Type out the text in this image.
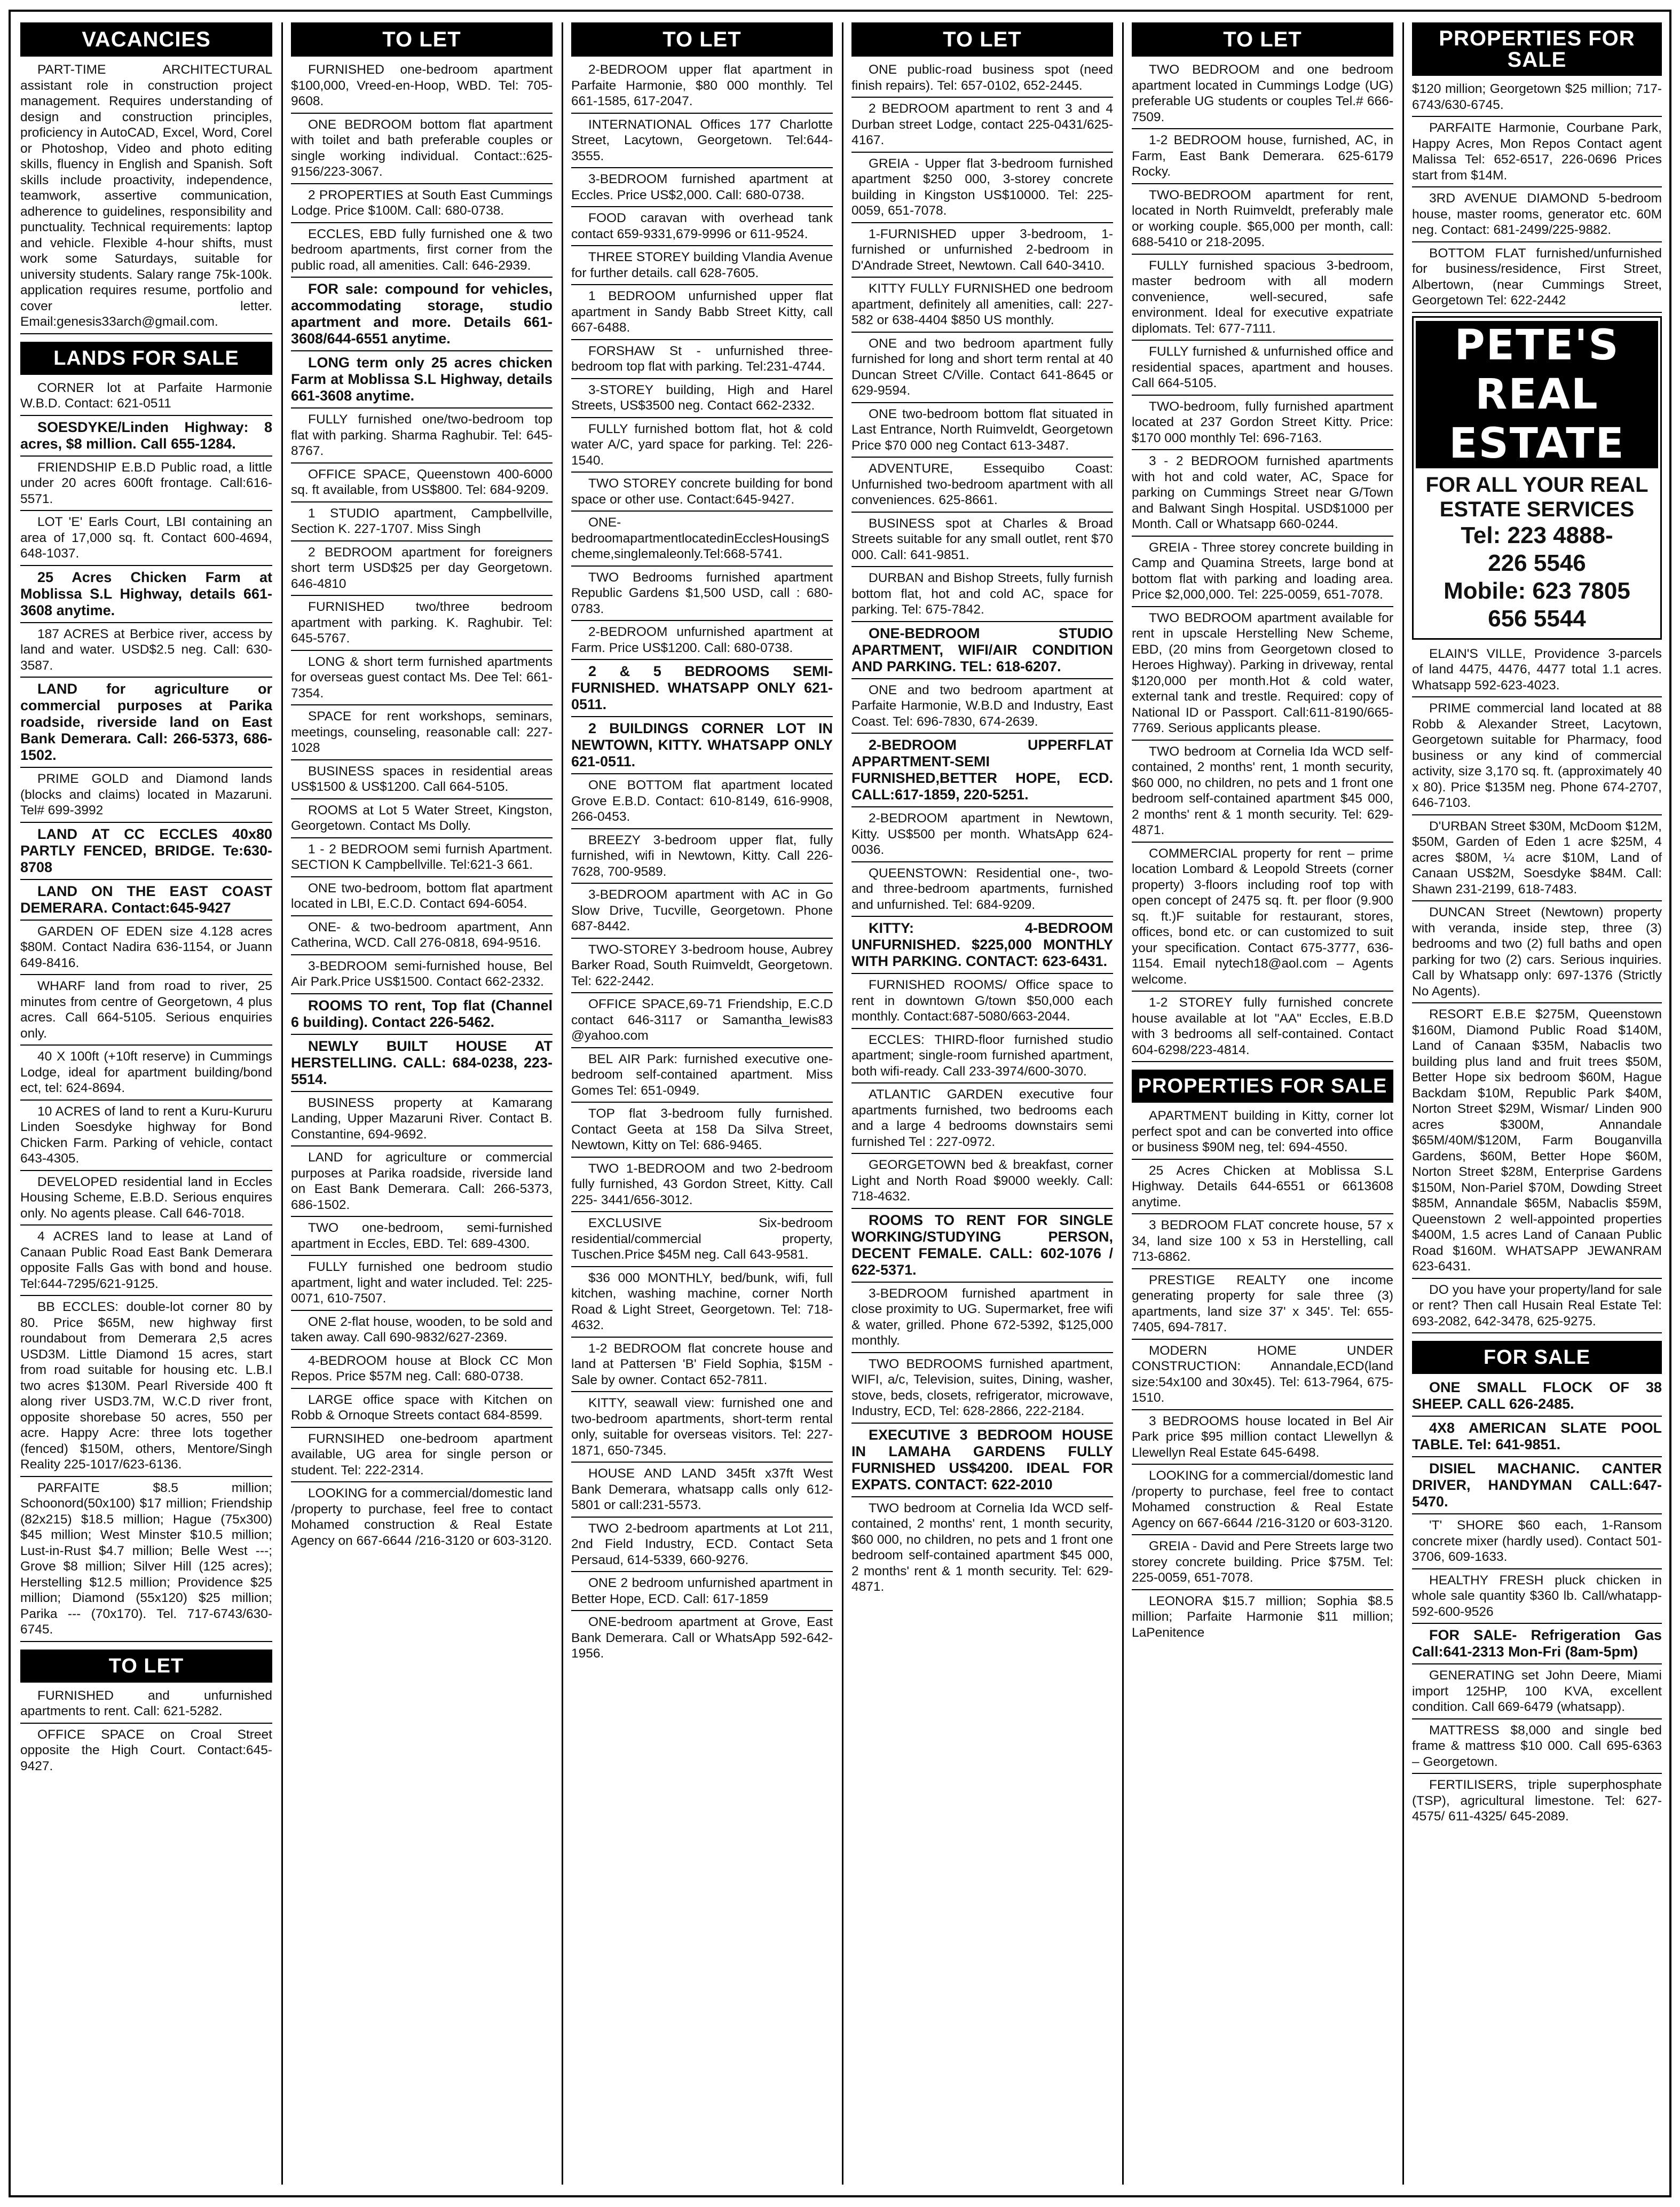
VACANCIES
PART-TIME ARCHITECTURAL assistant role in construction project management. Requires understanding of design and construction principles, proficiency in AutoCAD, Excel, Word, Corel or Photoshop, Video and photo editing skills, fluency in English and Spanish. Soft skills include proactivity, independence, teamwork, assertive communication, adherence to guidelines, responsibility and punctuality. Technical requirements: laptop and vehicle. Flexible 4-hour shifts, must work some Saturdays, suitable for university students. Salary range 75k-100k. application requires resume, portfolio and cover letter. Email:genesis33arch@gmail.com.
LANDS FOR SALE
CORNER lot at Parfaite Harmonie W.B.D. Contact: 621-0511
SOESDYKE/Linden Highway: 8 acres, $8 million. Call 655-1284.
FRIENDSHIP E.B.D Public road, a little under 20 acres 600ft frontage. Call:616-5571.
LOT 'E' Earls Court, LBI containing an area of 17,000 sq. ft. Contact 600-4694, 648-1037.
25 Acres Chicken Farm at Moblissa S.L Highway, details 661-3608 anytime.
187 ACRES at Berbice river, access by land and water. USD$2.5 neg. Call: 630-3587.
LAND for agriculture or commercial purposes at Parika roadside, riverside land on East Bank Demerara. Call: 266-5373, 686-1502.
PRIME GOLD and Diamond lands (blocks and claims) located in Mazaruni. Tel# 699-3992
LAND AT CC ECCLES 40x80 PARTLY FENCED, BRIDGE. Te:630-8708
LAND ON THE EAST COAST DEMERARA. Contact:645-9427
GARDEN OF EDEN size 4.128 acres $80M. Contact Nadira 636-1154, or Juann 649-8416.
WHARF land from road to river, 25 minutes from centre of Georgetown, 4 plus acres. Call 664-5105. Serious enquiries only.
40 X 100ft (+10ft reserve) in Cummings Lodge, ideal for apartment building/bond ect, tel: 624-8694.
10 ACRES of land to rent a Kuru-Kururu Linden Soesdyke highway for Bond Chicken Farm. Parking of vehicle, contact 643-4305.
DEVELOPED residential land in Eccles Housing Scheme, E.B.D. Serious enquires only. No agents please. Call 646-7018.
4 ACRES land to lease at Land of Canaan Public Road East Bank Demerara opposite Falls Gas with bond and house. Tel:644-7295/621-9125.
BB ECCLES: double-lot corner 80 by 80. Price $65M, new highway first roundabout from Demerara 2,5 acres USD3M. Little Diamond 15 acres, start from road suitable for housing etc. L.B.I two acres $130M. Pearl Riverside 400 ft along river USD3.7M, W.C.D river front, opposite shorebase 50 acres, 550 per acre. Happy Acre: three lots together (fenced) $150M, others, Mentore/Singh Reality 225-1017/623-6136.
PARFAITE $8.5 million; Schoonord(50x100) $17 million; Friendship (82x215) $18.5 million; Hague (75x300) $45 million; West Minster $10.5 million; Lust-in-Rust $4.7 million; Belle West ---; Grove $8 million; Silver Hill (125 acres); Herstelling $12.5 million; Providence $25 million; Diamond (55x120) $25 million; Parika --- (70x170). Tel. 717-6743/630-6745.
TO LET
FURNISHED and unfurnished apartments to rent. Call: 621-5282.
OFFICE SPACE on Croal Street opposite the High Court. Contact:645-9427.
TO LET
FURNISHED one-bedroom apartment $100,000, Vreed-en-Hoop, WBD. Tel: 705-9608.
ONE BEDROOM bottom flat apartment with toilet and bath preferable couples or single working individual. Contact::625-9156/223-3067.
2 PROPERTIES at South East Cummings Lodge. Price $100M. Call: 680-0738.
ECCLES, EBD fully furnished one & two bedroom apartments, first corner from the public road, all amenities. Call: 646-2939.
FOR sale: compound for vehicles, accommodating storage, studio apartment and more. Details 661-3608/644-6551 anytime.
LONG term only 25 acres chicken Farm at Moblissa S.L Highway, details 661-3608 anytime.
FULLY furnished one/two-bedroom top flat with parking. Sharma Raghubir. Tel: 645-8767.
OFFICE SPACE, Queenstown 400-6000 sq. ft available, from US$800. Tel: 684-9209.
1 STUDIO apartment, Campbellville, Section K. 227-1707. Miss Singh
2 BEDROOM apartment for foreigners short term USD$25 per day Georgetown. 646-4810
FURNISHED two/three bedroom apartment with parking. K. Raghubir. Tel: 645-5767.
LONG & short term furnished apartments for overseas guest contact Ms. Dee Tel: 661-7354.
SPACE for rent workshops, seminars, meetings, counseling, reasonable call: 227-1028
BUSINESS spaces in residential areas US$1500 & US$1200. Call 664-5105.
ROOMS at Lot 5 Water Street, Kingston, Georgetown. Contact Ms Dolly.
1 - 2 BEDROOM semi furnish Apartment. SECTION K Campbellville. Tel:621-3 661.
ONE two-bedroom, bottom flat apartment located in LBI, E.C.D. Contact 694-6054.
ONE- & two-bedroom apartment, Ann Catherina, WCD. Call 276-0818, 694-9516.
3-BEDROOM semi-furnished house, Bel Air Park.Price US$1500. Contact 662-2332.
ROOMS TO rent, Top flat (Channel 6 building). Contact 226-5462.
NEWLY BUILT HOUSE AT HERSTELLING. CALL: 684-0238, 223-5514.
BUSINESS property at Kamarang Landing, Upper Mazaruni River. Contact B. Constantine, 694-9692.
LAND for agriculture or commercial purposes at Parika roadside, riverside land on East Bank Demerara. Call: 266-5373, 686-1502.
TWO one-bedroom, semi-furnished apartment in Eccles, EBD. Tel: 689-4300.
FULLY furnished one bedroom studio apartment, light and water included. Tel: 225-0071, 610-7507.
ONE 2-flat house, wooden, to be sold and taken away. Call 690-9832/627-2369.
4-BEDROOM house at Block CC Mon Repos. Price $57M neg. Call: 680-0738.
LARGE office space with Kitchen on Robb & Ornoque Streets contact 684-8599.
FURNSIHED one-bedroom apartment available, UG area for single person or student. Tel: 222-2314.
LOOKING for a commercial/domestic land /property to purchase, feel free to contact Mohamed construction & Real Estate Agency on 667-6644 /216-3120 or 603-3120.
TO LET
2-BEDROOM upper flat apartment in Parfaite Harmonie, $80 000 monthly. Tel 661-1585, 617-2047.
INTERNATIONAL Offices 177 Charlotte Street, Lacytown, Georgetown. Tel:644-3555.
3-BEDROOM furnished apartment at Eccles. Price US$2,000. Call: 680-0738.
FOOD caravan with overhead tank contact 659-9331,679-9996 or 611-9524.
THREE STOREY building Vlandia Avenue for further details. call 628-7605.
1 BEDROOM unfurnished upper flat apartment in Sandy Babb Street Kitty, call 667-6488.
FORSHAW St - unfurnished three-bedroom top flat with parking. Tel:231-4744.
3-STOREY building, High and Harel Streets, US$3500 neg. Contact 662-2332.
FULLY furnished bottom flat, hot & cold water A/C, yard space for parking. Tel: 226-1540.
TWO STOREY concrete building for bond space or other use. Contact:645-9427.
ONE-bedroomapartmentlocatedinEcclesHousingScheme,singlemaleonly.Tel:668-5741.
TWO Bedrooms furnished apartment Republic Gardens $1,500 USD, call : 680-0783.
2-BEDROOM unfurnished apartment at Farm. Price US$1200. Call: 680-0738.
2 & 5 BEDROOMS SEMI-FURNISHED. WHATSAPP ONLY 621-0511.
2 BUILDINGS CORNER LOT IN NEWTOWN, KITTY. WHATSAPP ONLY 621-0511.
ONE BOTTOM flat apartment located Grove E.B.D. Contact: 610-8149, 616-9908, 266-0453.
BREEZY 3-bedroom upper flat, fully furnished, wifi in Newtown, Kitty. Call 226-7628, 700-9589.
3-BEDROOM apartment with AC in Go Slow Drive, Tucville, Georgetown. Phone 687-8442.
TWO-STOREY 3-bedroom house, Aubrey Barker Road, South Ruimveldt, Georgetown. Tel: 622-2442.
OFFICE SPACE,69-71 Friendship, E.C.D contact 646-3117 or Samantha_lewis83 @yahoo.com
BEL AIR Park: furnished executive one-bedroom self-contained apartment. Miss Gomes Tel: 651-0949.
TOP flat 3-bedroom fully furnished. Contact Geeta at 158 Da Silva Street, Newtown, Kitty on Tel: 686-9465.
TWO 1-BEDROOM and two 2-bedroom fully furnished, 43 Gordon Street, Kitty. Call 225- 3441/656-3012.
EXCLUSIVE Six-bedroom residential/commercial property, Tuschen.Price $45M neg. Call 643-9581.
$36 000 MONTHLY, bed/bunk, wifi, full kitchen, washing machine, corner North Road & Light Street, Georgetown. Tel: 718-4632.
1-2 BEDROOM flat concrete house and land at Pattersen 'B' Field Sophia, $15M - Sale by owner. Contact 652-7811.
KITTY, seawall view: furnished one and two-bedroom apartments, short-term rental only, suitable for overseas visitors. Tel: 227-1871, 650-7345.
HOUSE AND LAND 345ft x37ft West Bank Demerara, whatsapp calls only 612-5801 or call:231-5573.
TWO 2-bedroom apartments at Lot 211, 2nd Field Industry, ECD. Contact Seta Persaud, 614-5339, 660-9276.
ONE 2 bedroom unfurnished apartment in Better Hope, ECD. Call: 617-1859
ONE-bedroom apartment at Grove, East Bank Demerara. Call or WhatsApp 592-642-1956.
TO LET
ONE public-road business spot (need finish repairs). Tel: 657-0102, 652-2445.
2 BEDROOM apartment to rent 3 and 4 Durban street Lodge, contact 225-0431/625-4167.
GREIA - Upper flat 3-bedroom furnished apartment $250 000, 3-storey concrete building in Kingston US$10000. Tel: 225-0059, 651-7078.
1-FURNISHED upper 3-bedroom, 1-furnished or unfurnished 2-bedroom in D'Andrade Street, Newtown. Call 640-3410.
KITTY FULLY FURNISHED one bedroom apartment, definitely all amenities, call: 227-582 or 638-4404 $850 US monthly.
ONE and two bedroom apartment fully furnished for long and short term rental at 40 Duncan Street C/Ville. Contact 641-8645 or 629-9594.
ONE two-bedroom bottom flat situated in Last Entrance, North Ruimveldt, Georgetown Price $70 000 neg Contact 613-3487.
ADVENTURE, Essequibo Coast: Unfurnished two-bedroom apartment with all conveniences. 625-8661.
BUSINESS spot at Charles & Broad Streets suitable for any small outlet, rent $70 000. Call: 641-9851.
DURBAN and Bishop Streets, fully furnish bottom flat, hot and cold AC, space for parking. Tel: 675-7842.
ONE-BEDROOM STUDIO APARTMENT, WIFI/AIR CONDITION AND PARKING. TEL: 618-6207.
ONE and two bedroom apartment at Parfaite Harmonie, W.B.D and Industry, East Coast. Tel: 696-7830, 674-2639.
2-BEDROOM UPPERFLAT APPARTMENT-SEMI FURNISHED,BETTER HOPE, ECD. CALL:617-1859, 220-5251.
2-BEDROOM apartment in Newtown, Kitty. US$500 per month. WhatsApp 624-0036.
QUEENSTOWN: Residential one-, two- and three-bedroom apartments, furnished and unfurnished. Tel: 684-9209.
KITTY: 4-BEDROOM UNFURNISHED. $225,000 MONTHLY WITH PARKING. CONTACT: 623-6431.
FURNISHED ROOMS/ Office space to rent in downtown G/town $50,000 each monthly. Contact:687-5080/663-2044.
ECCLES: THIRD-floor furnished studio apartment; single-room furnished apartment, both wifi-ready. Call 233-3974/600-3070.
ATLANTIC GARDEN executive four apartments furnished, two bedrooms each and a large 4 bedrooms downstairs semi furnished Tel : 227-0972.
GEORGETOWN bed & breakfast, corner Light and North Road $9000 weekly. Call: 718-4632.
ROOMS TO RENT FOR SINGLE WORKING/STUDYING PERSON, DECENT FEMALE. CALL: 602-1076 / 622-5371.
3-BEDROOM furnished apartment in close proximity to UG. Supermarket, free wifi & water, grilled. Phone 672-5392, $125,000 monthly.
TWO BEDROOMS furnished apartment, WIFI, a/c, Television, suites, Dining, washer, stove, beds, closets, refrigerator, microwave, Industry, ECD, Tel: 628-2866, 222-2184.
EXECUTIVE 3 BEDROOM HOUSE IN LAMAHA GARDENS FULLY FURNISHED US$4200. IDEAL FOR EXPATS. CONTACT: 622-2010
TWO bedroom at Cornelia Ida WCD self-contained, 2 months' rent, 1 month security, $60 000, no children, no pets and 1 front one bedroom self-contained apartment $45 000, 2 months' rent & 1 month security. Tel: 629-4871.
TO LET
TWO BEDROOM and one bedroom apartment located in Cummings Lodge (UG) preferable UG students or couples Tel.# 666-7509.
1-2 BEDROOM house, furnished, AC, in Farm, East Bank Demerara. 625-6179 Rocky.
TWO-BEDROOM apartment for rent, located in North Ruimveldt, preferably male or working couple. $65,000 per month, call: 688-5410 or 218-2095.
FULLY furnished spacious 3-bedroom, master bedroom with all modern convenience, well-secured, safe environment. Ideal for executive expatriate diplomats. Tel: 677-7111.
FULLY furnished & unfurnished office and residential spaces, apartment and houses. Call 664-5105.
TWO-bedroom, fully furnished apartment located at 237 Gordon Street Kitty. Price: $170 000 monthly Tel: 696-7163.
3 - 2 BEDROOM furnished apartments with hot and cold water, AC, Space for parking on Cummings Street near G/Town and Balwant Singh Hospital. USD$1000 per Month. Call or Whatsapp 660-0244.
GREIA - Three storey concrete building in Camp and Quamina Streets, large bond at bottom flat with parking and loading area. Price $2,000,000. Tel: 225-0059, 651-7078.
TWO BEDROOM apartment available for rent in upscale Herstelling New Scheme, EBD, (20 mins from Georgetown closed to Heroes Highway). Parking in driveway, rental $120,000 per month.Hot & cold water, external tank and trestle. Required: copy of National ID or Passport. Call:611-8190/665-7769. Serious applicants please.
TWO bedroom at Cornelia Ida WCD self-contained, 2 months' rent, 1 month security, $60 000, no children, no pets and 1 front one bedroom self-contained apartment $45 000, 2 months' rent & 1 month security. Tel: 629-4871.
COMMERCIAL property for rent – prime location Lombard & Leopold Streets (corner property) 3-floors including roof top with open concept of 2475 sq. ft. per floor (9.900 sq. ft.)F suitable for restaurant, stores, offices, bond etc. or can customized to suit your specification. Contact 675-3777, 636-1154. Email nytech18@aol.com – Agents welcome.
1-2 STOREY fully furnished concrete house available at lot "AA" Eccles, E.B.D with 3 bedrooms all self-contained. Contact 604-6298/223-4814.
PROPERTIES FOR SALE
APARTMENT building in Kitty, corner lot perfect spot and can be converted into office or business $90M neg, tel: 694-4550.
25 Acres Chicken at Moblissa S.L Highway. Details 644-6551 or 6613608 anytime.
3 BEDROOM FLAT concrete house, 57 x 34, land size 100 x 53 in Herstelling, call 713-6862.
PRESTIGE REALTY one income generating property for sale three (3) apartments, land size 37' x 345'. Tel: 655-7405, 694-7817.
MODERN HOME UNDER CONSTRUCTION: Annandale,ECD(land size:54x100 and 30x45). Tel: 613-7964, 675-1510.
3 BEDROOMS house located in Bel Air Park price $95 million contact Llewellyn & Llewellyn Real Estate 645-6498.
LOOKING for a commercial/domestic land /property to purchase, feel free to contact Mohamed construction & Real Estate Agency on 667-6644 /216-3120 or 603-3120.
GREIA - David and Pere Streets large two storey concrete building. Price $75M. Tel: 225-0059, 651-7078.
LEONORA $15.7 million; Sophia $8.5 million; Parfaite Harmonie $11 million; LaPenitence
PROPERTIES FOR SALE
$120 million; Georgetown $25 million; 717-6743/630-6745.
PARFAITE Harmonie, Courbane Park, Happy Acres, Mon Repos Contact agent Malissa Tel: 652-6517, 226-0696 Prices start from $14M.
3RD AVENUE DIAMOND 5-bedroom house, master rooms, generator etc. 60M neg. Contact: 681-2499/225-9882.
BOTTOM FLAT furnished/unfurnished for business/residence, First Street, Albertown, (near Cummings Street, Georgetown Tel: 622-2442
PETE'S REAL ESTATE
FOR ALL YOUR REAL ESTATE SERVICES
Tel: 223 4888-
226 5546
Mobile: 623 7805
656 5544
ELAIN'S VILLE, Providence 3-parcels of land 4475, 4476, 4477 total 1.1 acres. Whatsapp 592-623-4023.
PRIME commercial land located at 88 Robb & Alexander Street, Lacytown, Georgetown suitable for Pharmacy, food business or any kind of commercial activity, size 3,170 sq. ft. (approximately 40 x 80). Price $135M neg. Phone 674-2707, 646-7103.
D'URBAN Street $30M, McDoom $12M, $50M, Garden of Eden 1 acre $25M, 4 acres $80M, ¼ acre $10M, Land of Canaan US$2M, Soesdyke $84M. Call: Shawn 231-2199, 618-7483.
DUNCAN Street (Newtown) property with veranda, inside step, three (3) bedrooms and two (2) full baths and open parking for two (2) cars. Serious inquiries. Call by Whatsapp only: 697-1376 (Strictly No Agents).
RESORT E.B.E $275M, Queenstown $160M, Diamond Public Road $140M, Land of Canaan $35M, Nabaclis two building plus land and fruit trees $50M, Better Hope six bedroom $60M, Hague Backdam $10M, Republic Park $40M, Norton Street $29M, Wismar/ Linden 900 acres $300M, Annandale $65M/40M/$120M, Farm Bouganvilla Gardens, $60M, Better Hope $60M, Norton Street $28M, Enterprise Gardens $150M, Non-Pariel $70M, Dowding Street $85M, Annandale $65M, Nabaclis $59M, Queenstown 2 well-appointed properties $400M, 1.5 acres Land of Canaan Public Road $160M. WHATSAPP JEWANRAM 623-6431.
DO you have your property/land for sale or rent? Then call Husain Real Estate Tel: 693-2082, 642-3478, 625-9275.
FOR SALE
ONE SMALL FLOCK OF 38 SHEEP. CALL 626-2485.
4X8 AMERICAN SLATE POOL TABLE. Tel: 641-9851.
DISIEL MACHANIC. CANTER DRIVER, HANDYMAN CALL:647-5470.
'T' SHORE $60 each, 1-Ransom concrete mixer (hardly used). Contact 501-3706, 609-1633.
HEALTHY FRESH pluck chicken in whole sale quantity $360 lb. Call/whatapp- 592-600-9526
FOR SALE- Refrigeration Gas Call:641-2313 Mon-Fri (8am-5pm)
GENERATING set John Deere, Miami import 125HP, 100 KVA, excellent condition. Call 669-6479 (whatsapp).
MATTRESS $8,000 and single bed frame & mattress $10 000. Call 695-6363 – Georgetown.
FERTILISERS, triple superphosphate (TSP), agricultural limestone. Tel: 627-4575/ 611-4325/ 645-2089.
